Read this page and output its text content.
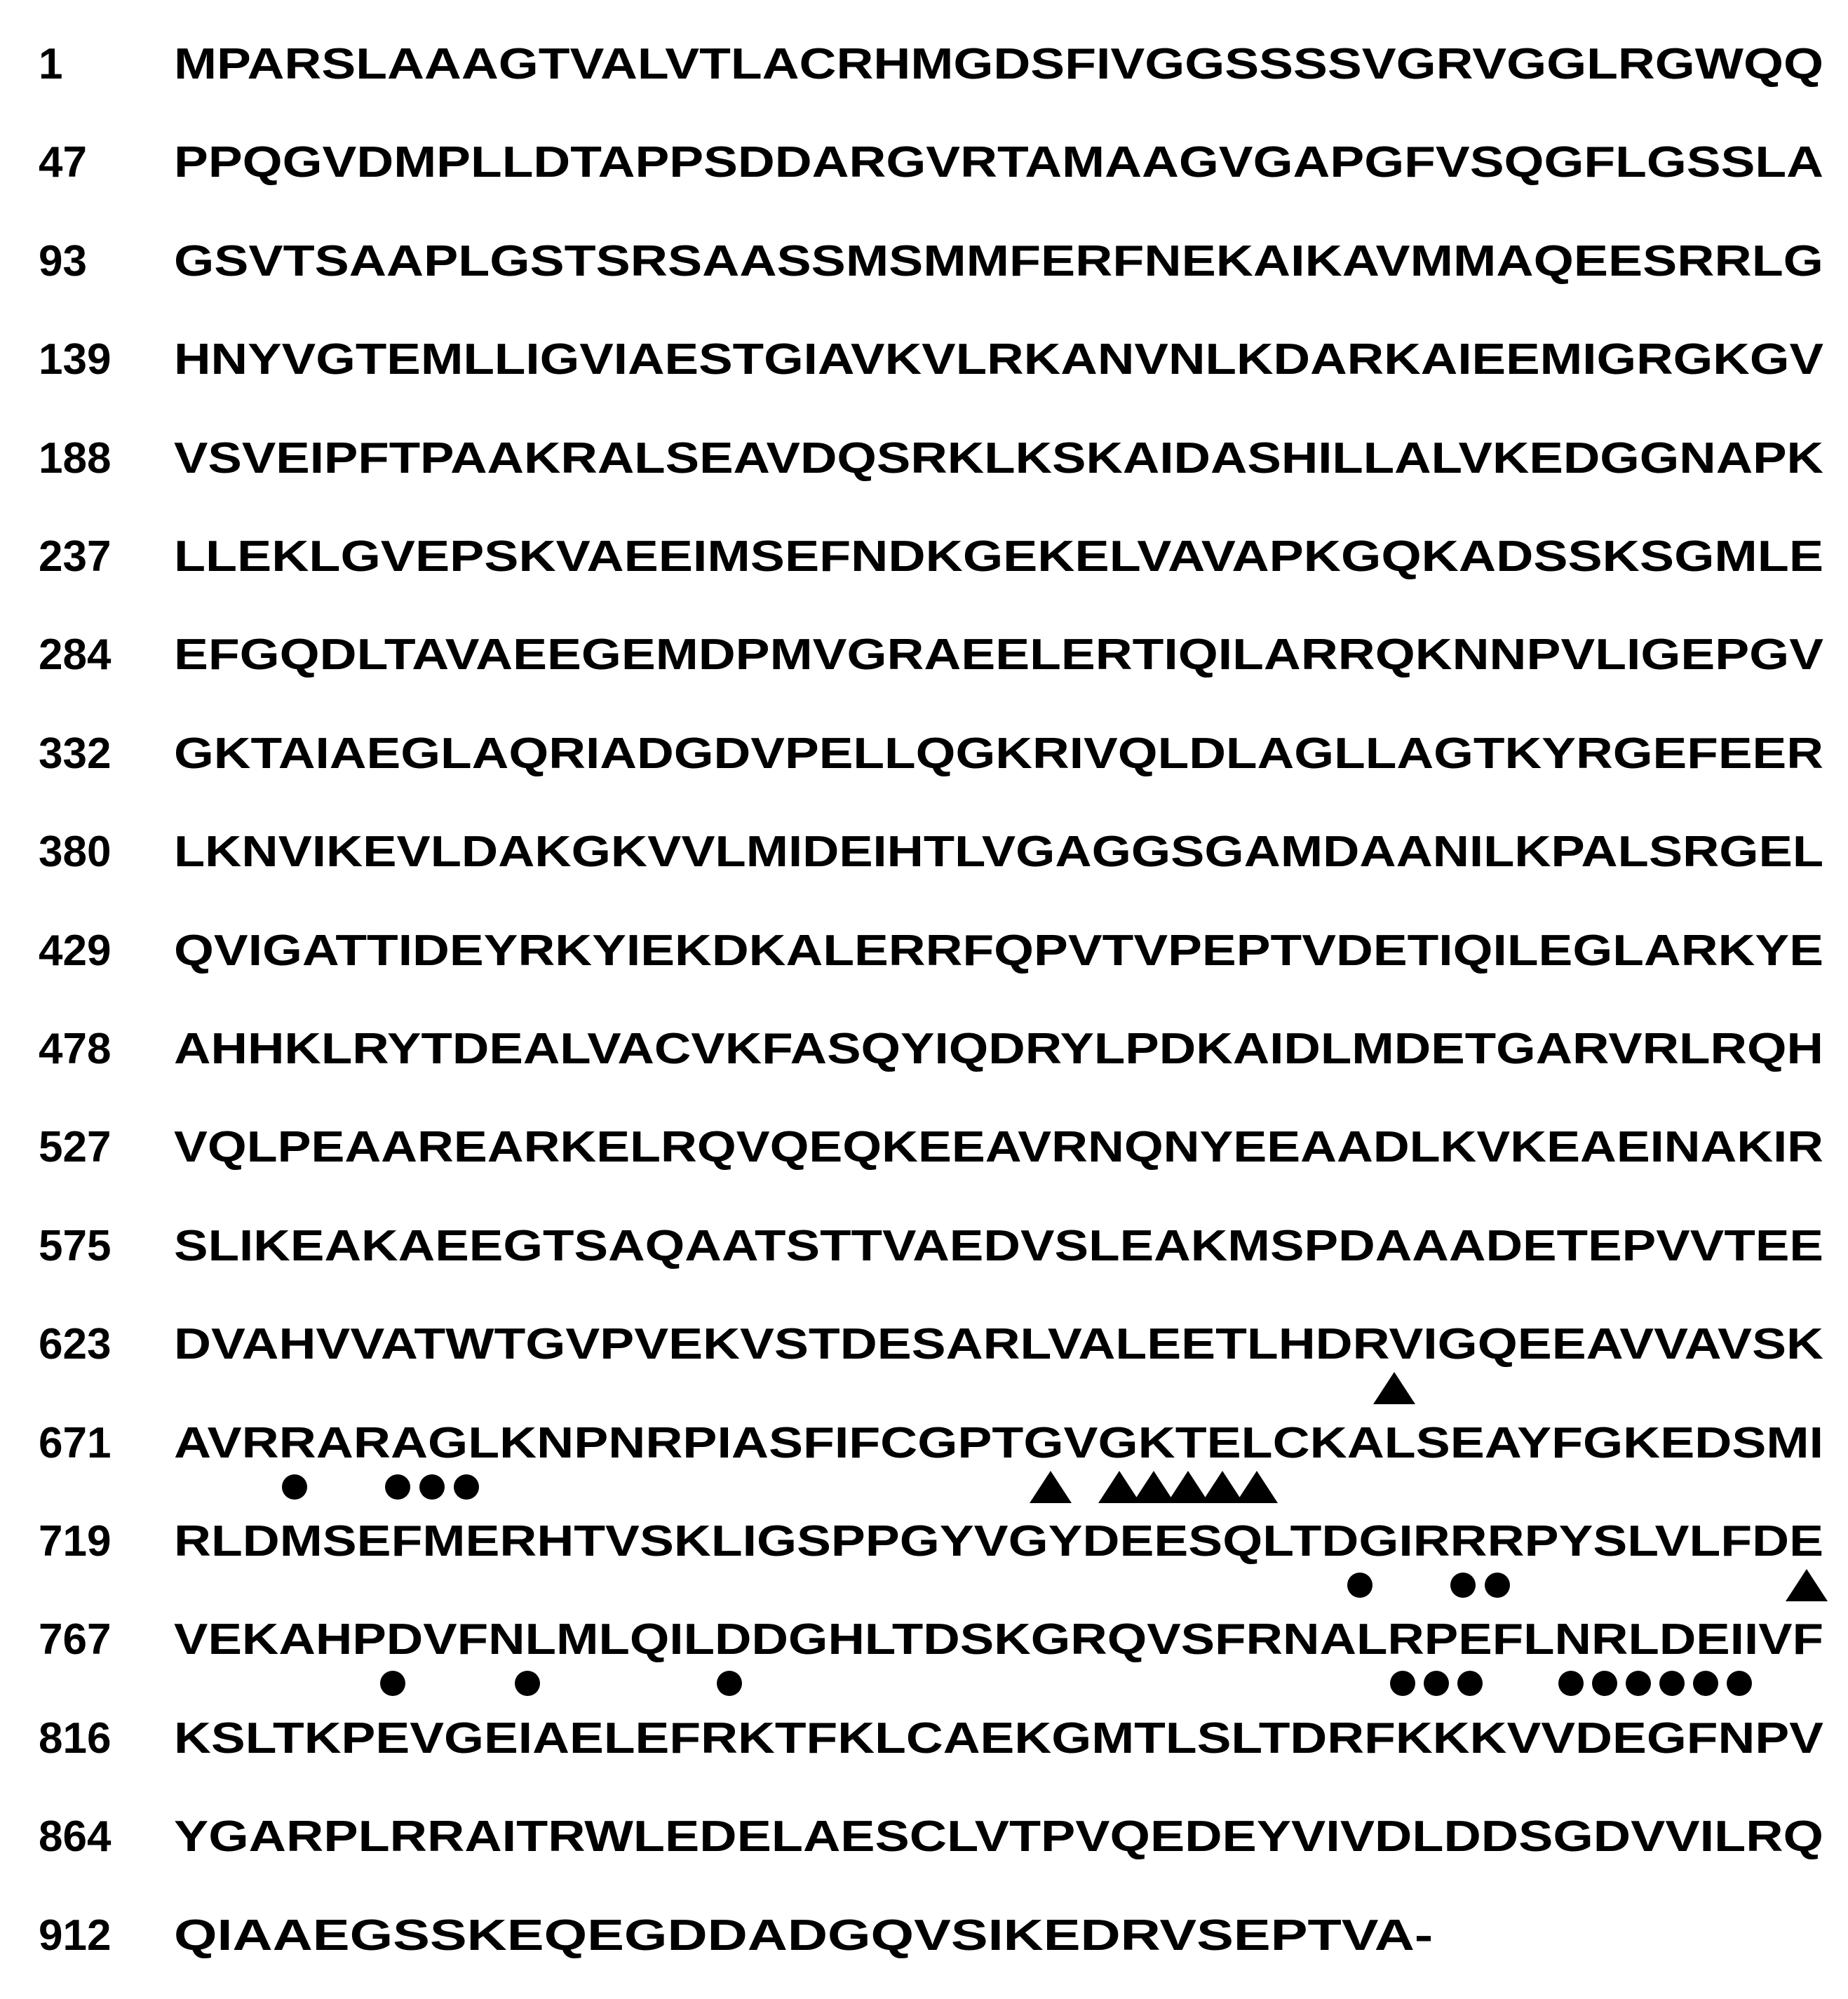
1	MPARSLAAAGTVALVTLACRHMGDSFIVGGSSSSVGRVGGLRGWQQ
47 PPQGVDMPLLDTAPPSDDARGVRTAMAAGVGAPGFVSQGFLGSSLA
93 GSVTSAAPLGSTSRSAASSMSMMFERFNEKAIKAVMMAQEESRRLG
139 HNYVGTEMLLIGVIAESTGIAVKVLRKANVNLKDARKAIEEMIGRGKGV
188 VSVEIPFTPAAKRALSEAVDQSRKLKSKAIDASHILLALVKEDGGNAPK
237 LLEKLGVEPSKVAEEIMSEFNDKGEKELVAVAPKGQKADSSKSGMLE
284 EFGQDLTAVAEEGEMDPMVGRAEELERTIQILARRQKNNPVLIGEPGV
332 GKTAIAEGLAQRIADGDVPELLQGKRIVQLDLAGLLAGTKYRGEFEER
380 LKNVIKEVLDAKGKVVLMIDEIHTLVGAGGSGAMDAANILKPALSRGEL
429 QVIGATTIDEYRKYIEKDKALERRFQPVTVPEPTVDETIQILEGLARKYE
478 AHHKLRYTDEALVACVKFASQYIQDRYLPDKAIDLMDETGARVRLRQH
527 VQLPEAAREARKELRQVQEQKEEAVRNQNYEEAADLKVKEAEINAKIR
575 SLIKEAKAEEGTSAQAATSTTVAEDVSLEAKMSPDAAADETEPVVTEE
623 DVAHVVATWTGVPVEKVSTDESARLVALEETLHDRVIGQEEAVVAVSK
671 AVRRARAGLKNPNRPIASFIFCGPTGVGKTELCKALSEAYFGKEDSMI
719 RLDMSEFMERHTVSKLIGSPPGYVGYDEESQLTDGIRRRPYSLVLFDE
767 VEKAHPDVFNLMLQILDDGHLTDSKGRQVSFRNALRPEFLNRLDEIIVF
816 KSLTKPEVGEIAELEFRKTFKLCAEKGMTLSLTDRFKKKVVDEGFNPV
864 YGARPLRRAITRWLEDELAESCLVTPVQEDEYVIVDLDDSGDVVILRQ
912 QIAAEGSSKEQEGDDADGQVSIKEDRVSEPTVA-
